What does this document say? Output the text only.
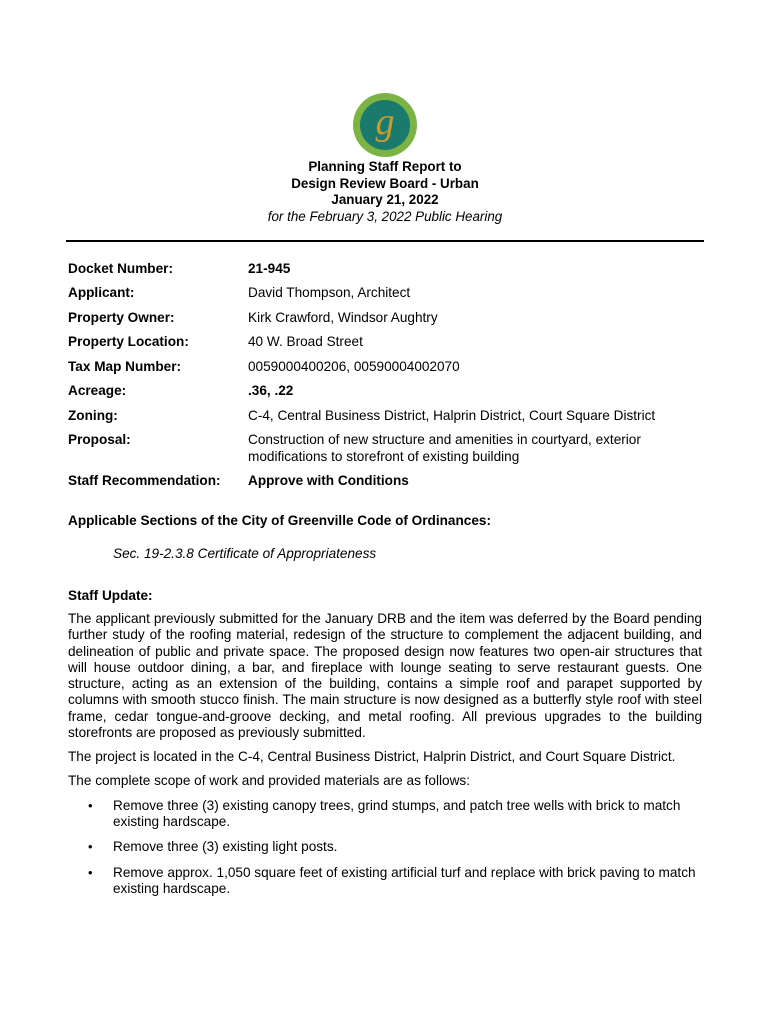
g
Planning Staff Report to
Design Review Board - Urban
January 21, 2022
for the February 3, 2022 Public Hearing
Docket Number:	21-945
Applicant:	David Thompson, Architect
Property Owner:	Kirk Crawford, Windsor Aughtry
Property Location:	40 W. Broad Street
Tax Map Number:	0059000400206, 00590004002070
Acreage:	.36, .22
Zoning:	C-4, Central Business District, Halprin District, Court Square District
Proposal:	Construction of new structure and amenities in courtyard, exterior modifications to storefront of existing building
Staff Recommendation: Approve with Conditions
Applicable Sections of the City of Greenville Code of Ordinances:
Sec. 19-2.3.8 Certificate of Appropriateness
Staff Update:
The applicant previously submitted for the January DRB and the item was deferred by the Board pending further study of the roofing material, redesign of the structure to complement the adjacent building, and delineation of public and private space. The proposed design now features two open-air structures that will house outdoor dining, a bar, and fireplace with lounge seating to serve restaurant guests. One structure, acting as an extension of the building, contains a simple roof and parapet supported by columns with smooth stucco finish. The main structure is now designed as a butterfly style roof with steel frame, cedar tongue-and-groove decking, and metal roofing. All previous upgrades to the building storefronts are proposed as previously submitted.
The project is located in the C-4, Central Business District, Halprin District, and Court Square District.
The complete scope of work and provided materials are as follows:
• Remove three (3) existing canopy trees, grind stumps, and patch tree wells with brick to match existing hardscape.
• Remove three (3) existing light posts.
• Remove approx. 1,050 square feet of existing artificial turf and replace with brick paving to match existing hardscape.
